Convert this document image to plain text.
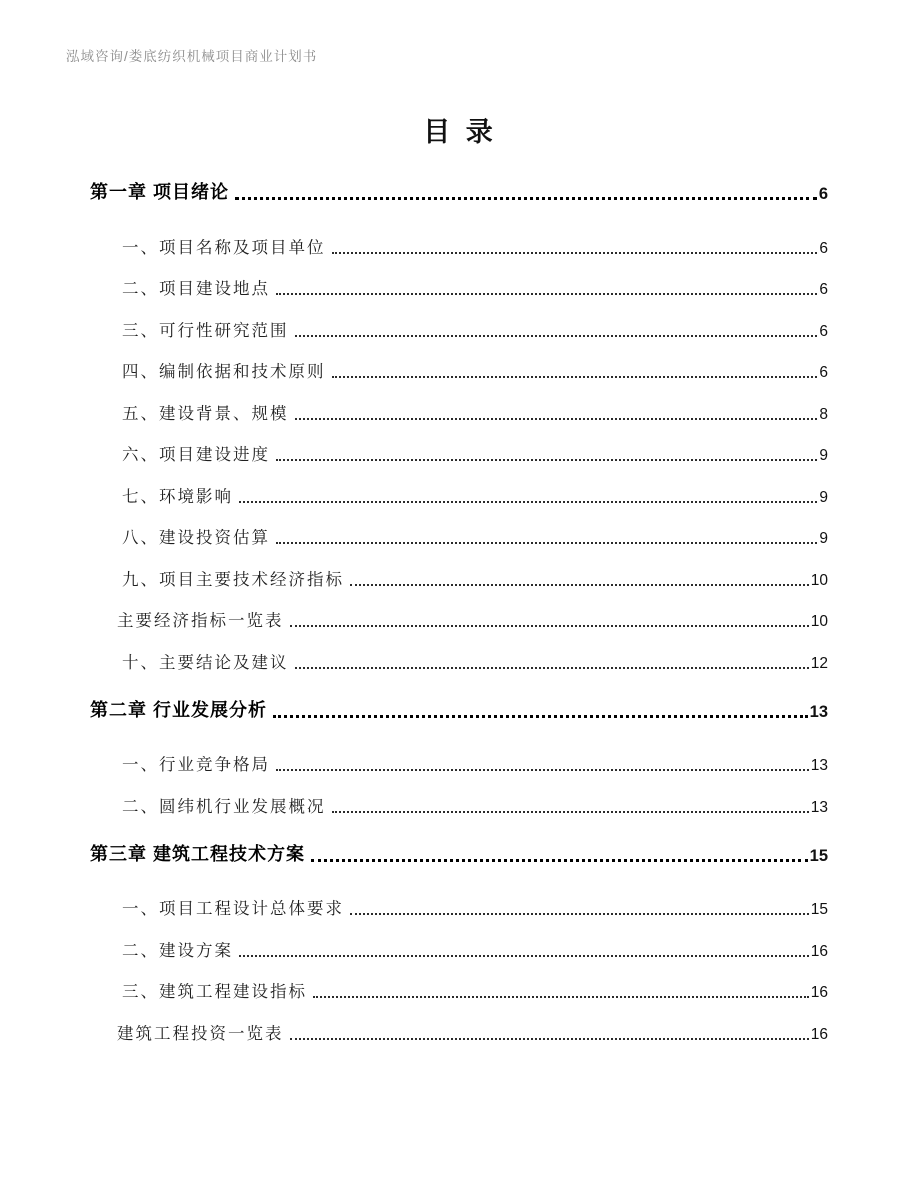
泓域咨询/娄底纺织机械项目商业计划书
目 录
第一章 项目绪论	6
一、项目名称及项目单位	6
二、项目建设地点	6
三、可行性研究范围	6
四、编制依据和技术原则	6
五、建设背景、规模	8
六、项目建设进度	9
七、环境影响	9
八、建设投资估算	9
九、项目主要技术经济指标	10
主要经济指标一览表	10
十、主要结论及建议	12
第二章 行业发展分析	13
一、行业竞争格局	13
二、圆纬机行业发展概况	13
第三章 建筑工程技术方案	15
一、项目工程设计总体要求	15
二、建设方案	16
三、建筑工程建设指标	16
建筑工程投资一览表	16
